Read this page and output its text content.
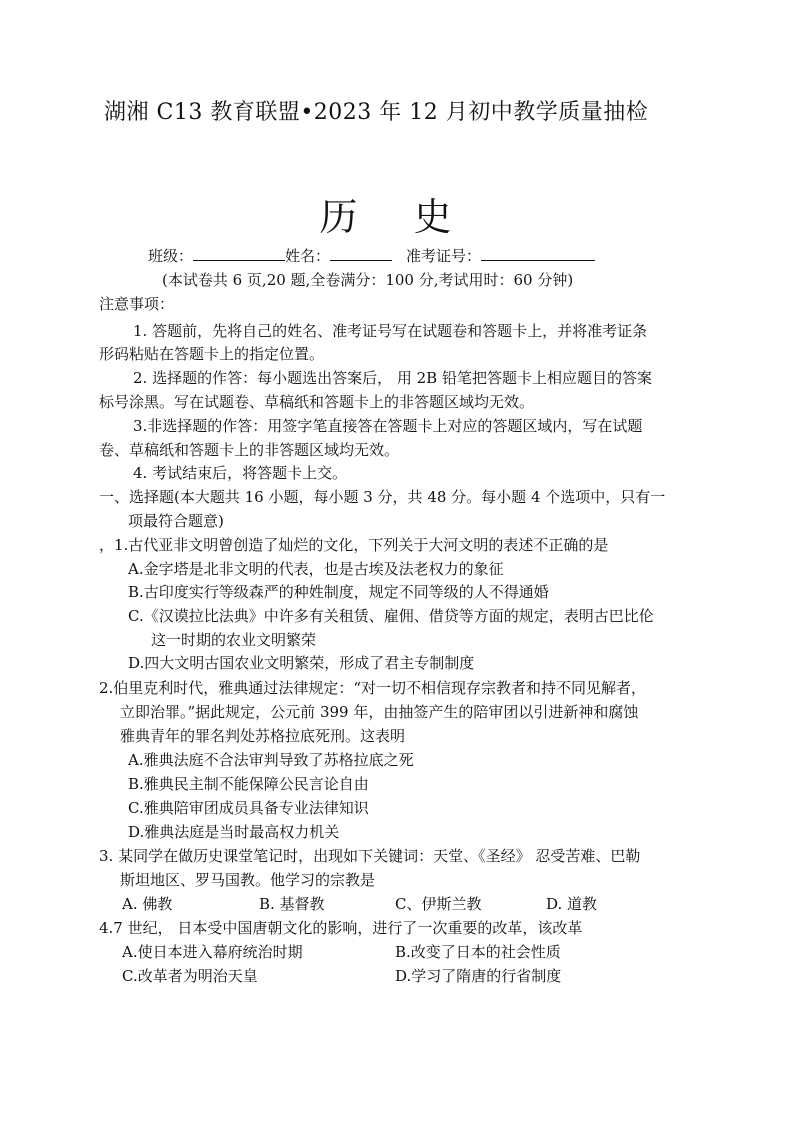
湖湘 C13 教育联盟•2023 年 12 月初中教学质量抽检
历 史
班级：	姓名：	准考证号：
(本试卷共 6 页,20 题,全卷满分：100 分,考试用时：60 分钟)
注意事项：
1. 答题前，先将自己的姓名、准考证号写在试题卷和答题卡上，并将准考证条
形码粘贴在答题卡上的指定位置。
2. 选择题的作答：每小题选出答案后， 用 2B 铅笔把答题卡上相应题目的答案
标号涂黑。写在试题卷、草稿纸和答题卡上的非答题区域均无效。
3.非选择题的作答：用签字笔直接答在答题卡上对应的答题区域内，写在试题
卷、草稿纸和答题卡上的非答题区域均无效。
4. 考试结束后，将答题卡上交。
一、选择题(本大题共 16 小题，每小题 3 分，共 48 分。每小题 4 个选项中，只有一
项最符合题意)
，1.古代亚非文明曾创造了灿烂的文化，下列关于大河文明的表述不正确的是
A.金字塔是北非文明的代表，也是古埃及法老权力的象征
B.古印度实行等级森严的种姓制度，规定不同等级的人不得通婚
C.《汉谟拉比法典》中许多有关租赁、雇佣、借贷等方面的规定，表明古巴比伦
这一时期的农业文明繁荣
D.四大文明古国农业文明繁荣，形成了君主专制制度
2.伯里克利时代，雅典通过法律规定：“对一切不相信现存宗教者和持不同见解者，
立即治罪。”据此规定，公元前 399 年，由抽签产生的陪审团以引进新神和腐蚀
雅典青年的罪名判处苏格拉底死刑。这表明
A.雅典法庭不合法审判导致了苏格拉底之死
B.雅典民主制不能保障公民言论自由
C.雅典陪审团成员具备专业法律知识
D.雅典法庭是当时最高权力机关
3. 某同学在做历史课堂笔记时，出现如下关键词：天堂、《圣经》 忍受苦难、巴勒
斯坦地区、罗马国教。他学习的宗教是
A. 佛教	B. 基督教	C、伊斯兰教	D. 道教
4.7 世纪， 日本受中国唐朝文化的影响，进行了一次重要的改革，该改革
A.使日本进入幕府统治时期	B.改变了日本的社会性质
C.改革者为明治天皇	D.学习了隋唐的行省制度
